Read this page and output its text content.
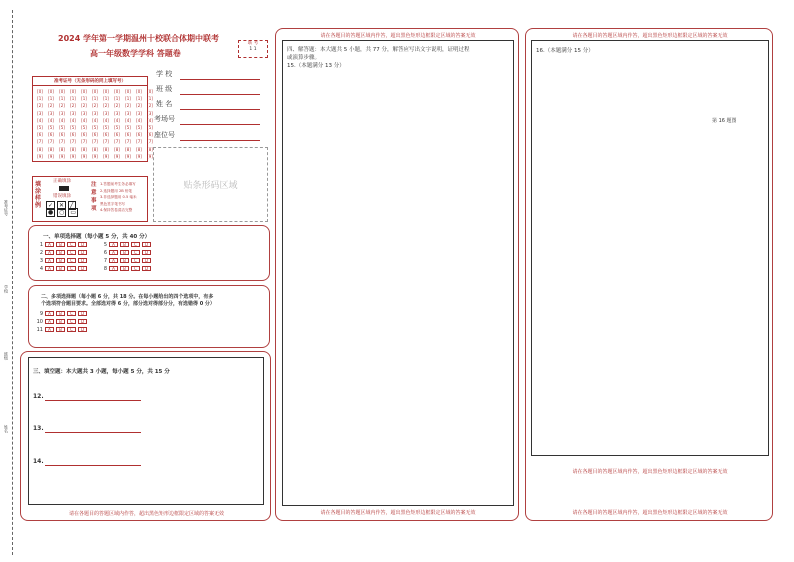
准考证号
学校
班级
姓名
2024 学年第一学期温州十校联合体期中联考
高一年级数学学科 答题卷
联 考
1 1
准考证号（无条形码的同上填写号）
[0]	[0]	[0]	[0]	[0]	[0]	[0]	[0]	[0]	[0]	[0]
[1]	[1]	[1]	[1]	[1]	[1]	[1]	[1]	[1]	[1]	[1]
[2]	[2]	[2]	[2]	[2]	[2]	[2]	[2]	[2]	[2]	[2]
[3]	[3]	[3]	[3]	[3]	[3]	[3]	[3]	[3]	[3]	[3]
[4]	[4]	[4]	[4]	[4]	[4]	[4]	[4]	[4]	[4]	[4]
[5]	[5]	[5]	[5]	[5]	[5]	[5]	[5]	[5]	[5]	[5]
[6]	[6]	[6]	[6]	[6]	[6]	[6]	[6]	[6]	[6]	[6]
[7]	[7]	[7]	[7]	[7]	[7]	[7]	[7]	[7]	[7]	[7]
[8]	[8]	[8]	[8]	[8]	[8]	[8]	[8]	[8]	[8]	[8]
[9]	[9]	[9]	[9]	[9]	[9]	[9]	[9]	[9]	[9]	[9]
学 校
班 级
姓 名
考场号
座位号
贴条形码区域
填涂样例
正确填涂
错误填涂
✓ ✕ ╱
● ○ ▭
注意事项
1.答题前考生务必填写
2.选择题用 2B 铅笔
3.非选择题用 0.5 毫米
黑色签字笔书写
4.保持答卷清洁完整
一、单项选择题（每小题 5 分，共 40 分）
1 A B C D
2 A B C D
3 A B C D
4 A B C D
5 A B C D
6 A B C D
7 A B C D
8 A B C D
二、多项选择题（每小题 6 分，共 18 分。在每小题给出的四个选项中，有多
个选项符合题目要求。全部选对得 6 分，部分选对得部分分，有选错得 0 分）
9 A B C D
10 A B C D
11 A B C D
三、填空题：本大题共 3 小题，每小题 5 分，共 15 分
12.
13.
14.
请在各题目的答题区域内作答，超出黑色矩形边框限定区域的答案无效
请在各题目的答题区域内作答，超出黑色矩形边框限定区域的答案无效
四、解答题：本大题共 5 小题，共 77 分，解答应写出文字说明，证明过程
或演算步骤。
15.（本题满分 13 分）
请在各题目的答题区域内作答，超出黑色矩形边框限定区域的答案无效
请在各题目的答题区域内作答，超出黑色矩形边框限定区域的答案无效
16.（本题满分 15 分）
第 16 题图
请在各题目的答题区域内作答，超出黑色矩形边框限定区域的答案无效
请在各题目的答题区域内作答，超出黑色矩形边框限定区域的答案无效
